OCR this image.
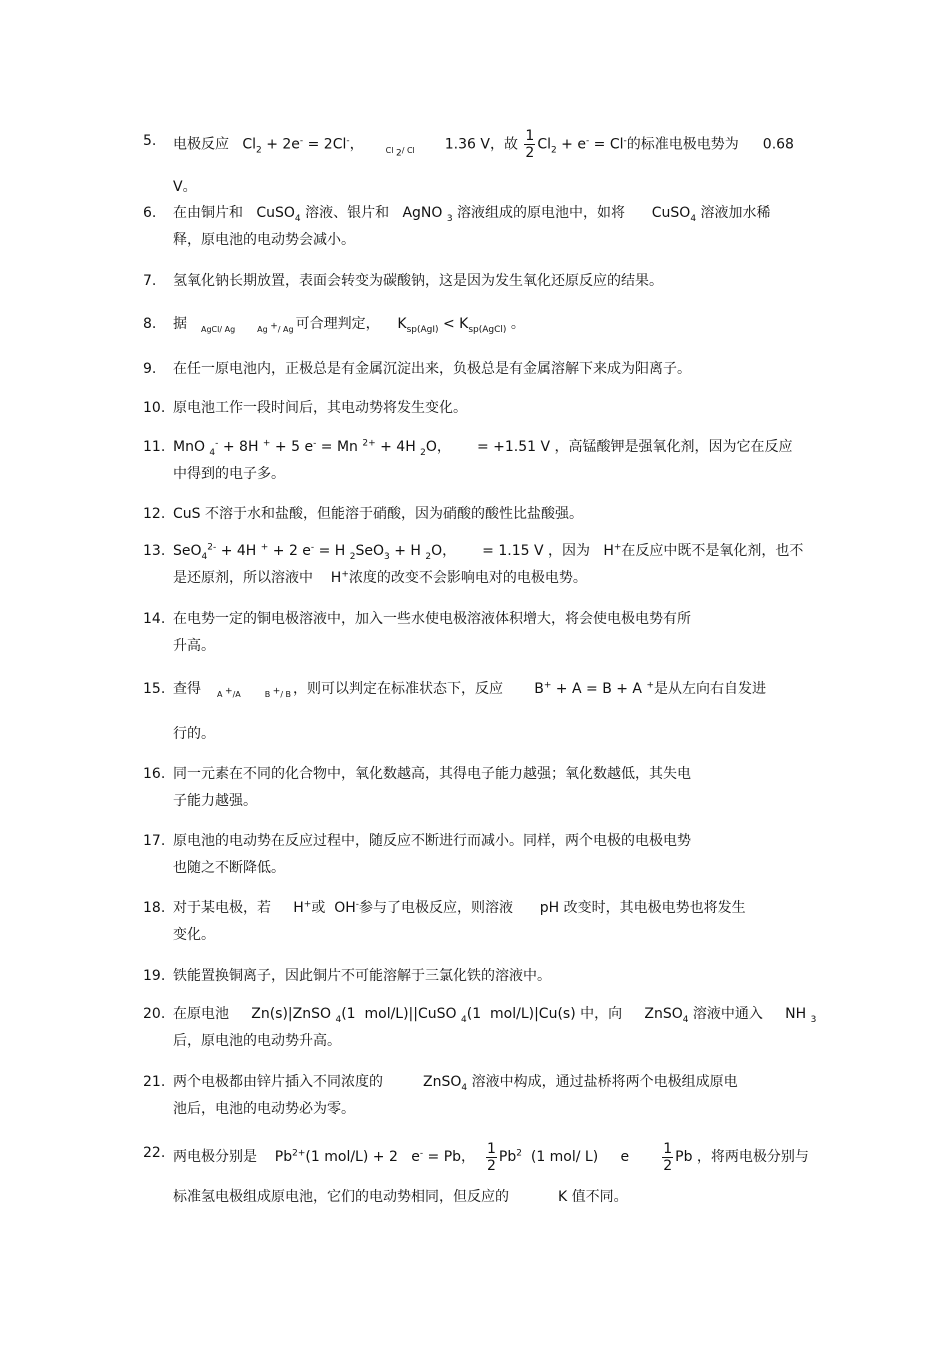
5. 电极反应   $Cl_2 + 2e^- = 2Cl^-$，	$_{Cl _2/ Cl}$ 1.36 V，故 $\frac{1}{2} Cl_2 + e^- = Cl^-$的标准电极电势为 0.68
V。
6. 在由铜片和   CuSO$_4$ 溶液、银片和   AgNO $_3$ 溶液组成的原电池中，如将      CuSO$_4$ 溶液加水稀
释，原电池的电动势会减小。
7. 氢氧化钠长期放置，表面会转变为碳酸钠，这是因为发生氧化还原反应的结果。
8. 据 $_{AgCl/ Ag}$	$_{Ag ^+/ Ag}$ 可合理判定，    $K_{sp(AgI)} < K_{sp(AgCl)}$ 。
9. 在任一原电池内，正极总是有金属沉淀出来，负极总是有金属溶解下来成为阳离子。
10. 原电池工作一段时间后，其电动势将发生变化。
11. MnO $_4$- + 8H + + 5 e- = Mn $^{2+}$ + 4H $_2$O， = +1.51 V ，高锰酸钾是强氧化剂，因为它在反应
中得到的电子多。
12. CuS 不溶于水和盐酸，但能溶于硝酸，因为硝酸的酸性比盐酸强。
13. SeO$_4^{2-}$ + 4H + + 2 e- = H $_2$SeO$_3$ + H $_2$O， = 1.15 V ，因为   H+在反应中既不是氧化剂，也不
是还原剂，所以溶液中    H+浓度的改变不会影响电对的电极电势。
14. 在电势一定的铜电极溶液中，加入一些水使电极溶液体积增大，将会使电极电势有所
升高。
15. 查得 $_{A ^+/A}$	$_{B ^+/ B}$ ，则可以判定在标准状态下，反应       B+ + A = B + A +是从左向右自发进
行的。
16. 同一元素在不同的化合物中，氧化数越高，其得电子能力越强；氧化数越低，其失电
子能力越强。
17. 原电池的电动势在反应过程中，随反应不断进行而减小。同样，两个电极的电极电势
也随之不断降低。
18. 对于某电极，若     H+或  OH-参与了电极反应，则溶液      pH 改变时，其电极电势也将发生
变化。
19. 铁能置换铜离子，因此铜片不可能溶解于三氯化铁的溶液中。
20. 在原电池     Zn(s)|ZnSO $_4$(1  mol/L)||CuSO $_4$(1  mol/L)|Cu(s) 中，向     ZnSO$_4$ 溶液中通入     NH $_3$
后，原电池的电动势升高。
21. 两个电极都由锌片插入不同浓度的         ZnSO$_4$ 溶液中构成，通过盐桥将两个电极组成原电
池后，电池的电动势必为零。
22. 两电极分别是    $Pb^{2+}(1$ mol/L) + 2   e- = Pb， $\frac{1}{2} Pb^2$  (1 mol/ L)     e $\frac{1}{2}$ Pb ，将两电极分别与
标准氢电极组成原电池，它们的电动势相同，但反应的           K 值不同。
